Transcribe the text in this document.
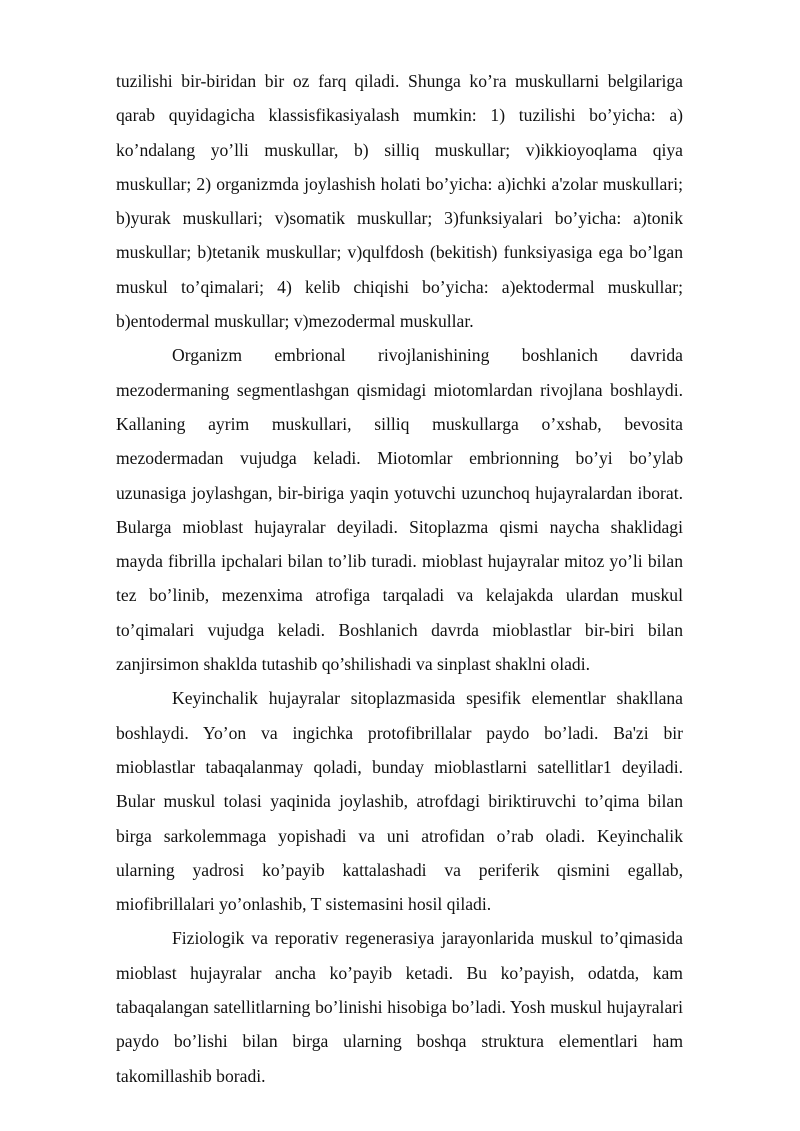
tuzilishi bir-biridan bir oz farq qiladi. Shunga ko’ra muskullarni belgilariga qarab quyidagicha klassisfikasiyalash mumkin: 1) tuzilishi bo’yicha: a) ko’ndalang yo’lli muskullar, b) silliq muskullar; v)ikkioyoqlama qiya muskullar; 2) organizmda joylashish holati bo’yicha: a)ichki a'zolar muskullari; b)yurak muskullari; v)somatik muskullar; 3)funksiyalari bo’yicha: a)tonik muskullar; b)tetanik muskullar; v)qulfdosh (bekitish) funksiyasiga ega bo’lgan muskul to’qimalari; 4) kelib chiqishi bo’yicha: a)ektodermal muskullar; b)entodermal muskullar; v)mezodermal muskullar.

Organizm embrional rivojlanishining boshlanich davrida mezodermaning segmentlashgan qismidagi miotomlardan rivojlana boshlaydi. Kallaning ayrim muskullari, silliq muskullarga o’xshab, bevosita mezodermadan vujudga keladi. Miotomlar embrionning bo’yi bo’ylab uzunasiga joylashgan, bir-biriga yaqin yotuvchi uzunchoq hujayralardan iborat. Bularga mioblast hujayralar deyiladi. Sitoplazma qismi naycha shaklidagi mayda fibrilla ipchalari bilan to’lib turadi. mioblast hujayralar mitoz yo’li bilan tez bo’linib, mezenxima atrofiga tarqaladi va kelajakda ulardan muskul to’qimalari vujudga keladi. Boshlanich davrda mioblastlar bir-biri bilan zanjirsimon shaklda tutashib qo’shilishadi va sinplast shaklni oladi.

Keyinchalik hujayralar sitoplazmasida spesifik elementlar shakllana boshlaydi. Yo’on va ingichka protofibrillalar paydo bo’ladi. Ba'zi bir mioblastlar tabaqalanmay qoladi, bunday mioblastlarni satellitlar1 deyiladi. Bular muskul tolasi yaqinida joylashib, atrofdagi biriktiruvchi to’qima bilan birga sarkolemmaga yopishadi va uni atrofidan o’rab oladi. Keyinchalik ularning yadrosi ko’payib kattalashadi va periferik qismini egallab, miofibrillalari yo’onlashib, T sistemasini hosil qiladi.

Fiziologik va reporativ regenerasiya jarayonlarida muskul to’qimasida mioblast hujayralar ancha ko’payib ketadi. Bu ko’payish, odatda, kam tabaqalangan satellitlarning bo’linishi hisobiga bo’ladi. Yosh muskul hujayralari paydo bo’lishi bilan birga ularning boshqa struktura elementlari ham takomillashib boradi.
